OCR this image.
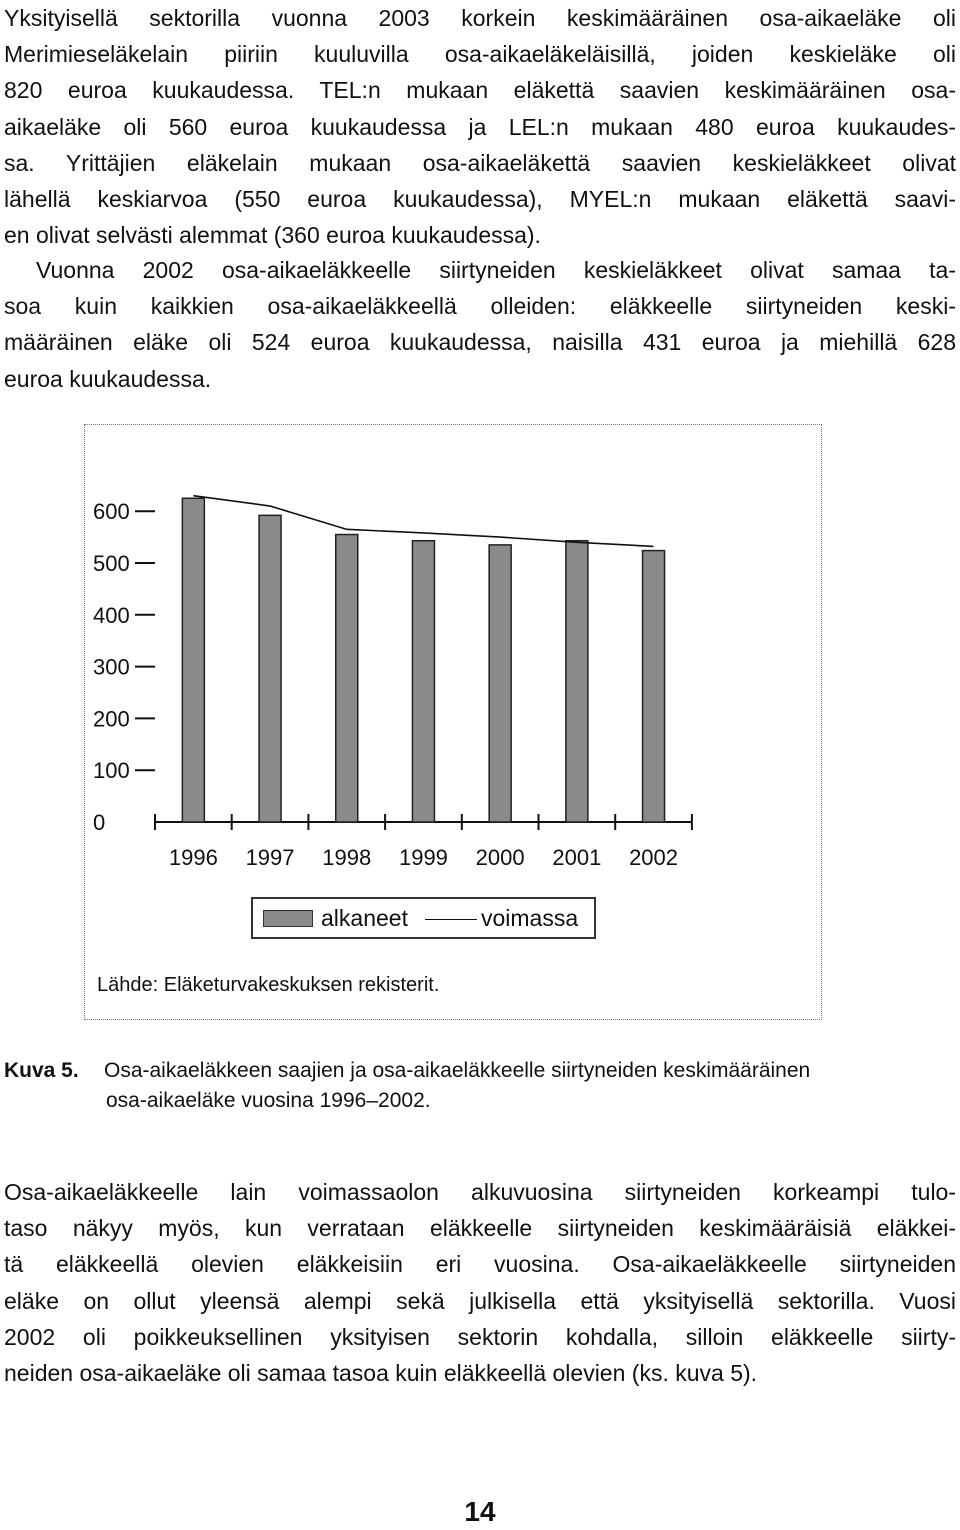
Yksityisellä sektorilla vuonna 2003 korkein keskimääräinen osa-aikaeläke oli
Merimieseläkelain piiriin kuuluvilla osa-aikaeläkeläisillä, joiden keskieläke oli
820 euroa kuukaudessa. TEL:n mukaan eläkettä saavien keskimääräinen osa-
aikaeläke oli 560 euroa kuukaudessa ja LEL:n mukaan 480 euroa kuukaudes-
sa. Yrittäjien eläkelain mukaan osa-aikaeläkettä saavien keskieläkkeet olivat
lähellä keskiarvoa (550 euroa kuukaudessa), MYEL:n mukaan eläkettä saavi-
en olivat selvästi alemmat (360 euroa kuukaudessa).

Vuonna 2002 osa-aikaeläkkeelle siirtyneiden keskieläkkeet olivat samaa ta-
soa kuin kaikkien osa-aikaeläkkeellä olleiden: eläkkeelle siirtyneiden keski-
määräinen eläke oli 524 euroa kuukaudessa, naisilla 431 euroa ja miehillä 628
euroa kuukaudessa.

0
100
200
300
400
500
600
1996 1997 1998 1999 2000 2001 2002
alkaneet	voimassa
Lähde: Eläketurvakeskuksen rekisterit.
Kuva 5. Osa-aikaeläkkeen saajien ja osa-aikaeläkkeelle siirtyneiden keskimääräinen
osa-aikaeläke vuosina 1996–2002.

Osa-aikaeläkkeelle lain voimassaolon alkuvuosina siirtyneiden korkeampi tulo-
taso näkyy myös, kun verrataan eläkkeelle siirtyneiden keskimääräisiä eläkkei-
tä eläkkeellä olevien eläkkeisiin eri vuosina. Osa-aikaeläkkeelle siirtyneiden
eläke on ollut yleensä alempi sekä julkisella että yksityisellä sektorilla. Vuosi
2002 oli poikkeuksellinen yksityisen sektorin kohdalla, silloin eläkkeelle siirty-
neiden osa-aikaeläke oli samaa tasoa kuin eläkkeellä olevien (ks. kuva 5).

14
